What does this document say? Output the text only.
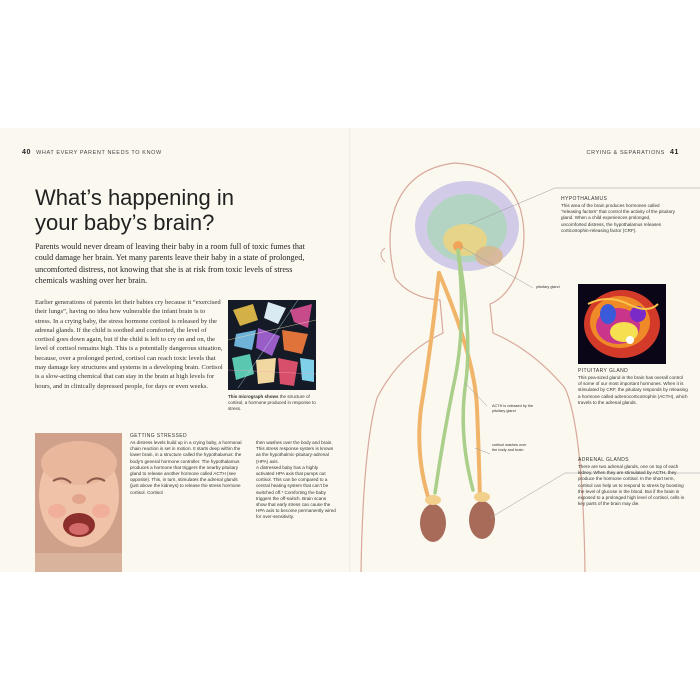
40 WHAT EVERY PARENT NEEDS TO KNOW	CRYING & SEPARATIONS 41
What’s happening in your baby’s brain?

Parents would never dream of leaving their baby in a room full of toxic fumes that could damage her brain. Yet many parents leave their baby in a state of prolonged, uncomforted distress, not knowing that she is at risk from toxic levels of stress chemicals washing over her brain.

Earlier generations of parents let their babies cry because it “exercised their lungs”, having no idea how vulnerable the infant brain is to stress. In a crying baby, the stress hormone cortisol is released by the adrenal glands. If the child is soothed and comforted, the level of cortisol goes down again, but if the child is left to cry on and on, the level of cortisol remains high. This is a potentially dangerous situation, because, over a prolonged period, cortisol can reach toxic levels that may damage key structures and systems in a developing brain. Cortisol is a slow-acting chemical that can stay in the brain at high levels for hours, and in clinically depressed people, for days or even weeks.

This micrograph shows the structure of cortisol, a hormone produced in response to stress.

GETTING STRESSED

As distress levels build up in a crying baby, a hormonal chain reaction is set in motion. It starts deep within the lower brain, in a structure called the hypothalamus: the body’s general hormone controller. The hypothalamus produces a hormone that triggers the nearby pituitary gland to release another hormone called ACTH (see opposite). This, in turn, stimulates the adrenal glands (just above the kidneys) to release the stress hormone cortisol. Cortisol

then washes over the body and brain. This stress response system is known as the hypothalmic-pituitary-adrenal (HPA) axis.
A distressed baby has a highly activated HPA axis that pumps out cortisol. This can be compared to a central heating system that can’t be switched off.* Comforting the baby triggers the off-switch. Brain scans show that early stress can cause the HPA axis to become permanently wired for over-sensitivity.

HYPOTHALAMUS

This area of the brain produces hormones called “releasing factors” that control the activity of the pituitary gland. When a child experiences prolonged, uncomforted distress, the hypothalamus releases corticotrophin-releasing factor (CRF).

pituitary gland

PITUITARY GLAND

This pea-sized gland in the brain has overall control of some of our most important hormones. When it is stimulated by CRF, the pituitary responds by releasing a hormone called adrenocorticotrophin (ACTH), which travels to the adrenal glands.

ACTH is released by the pituitary gland

cortisol washes over the body and brain

ADRENAL GLANDS

There are two adrenal glands, one on top of each kidney. When they are stimulated by ACTH, they produce the hormone cortisol. In the short term, cortisol can help us to respond to stress by boosting the level of glucose in the blood. But if the brain is exposed to a prolonged high level of cortisol, cells in key parts of the brain may die.
